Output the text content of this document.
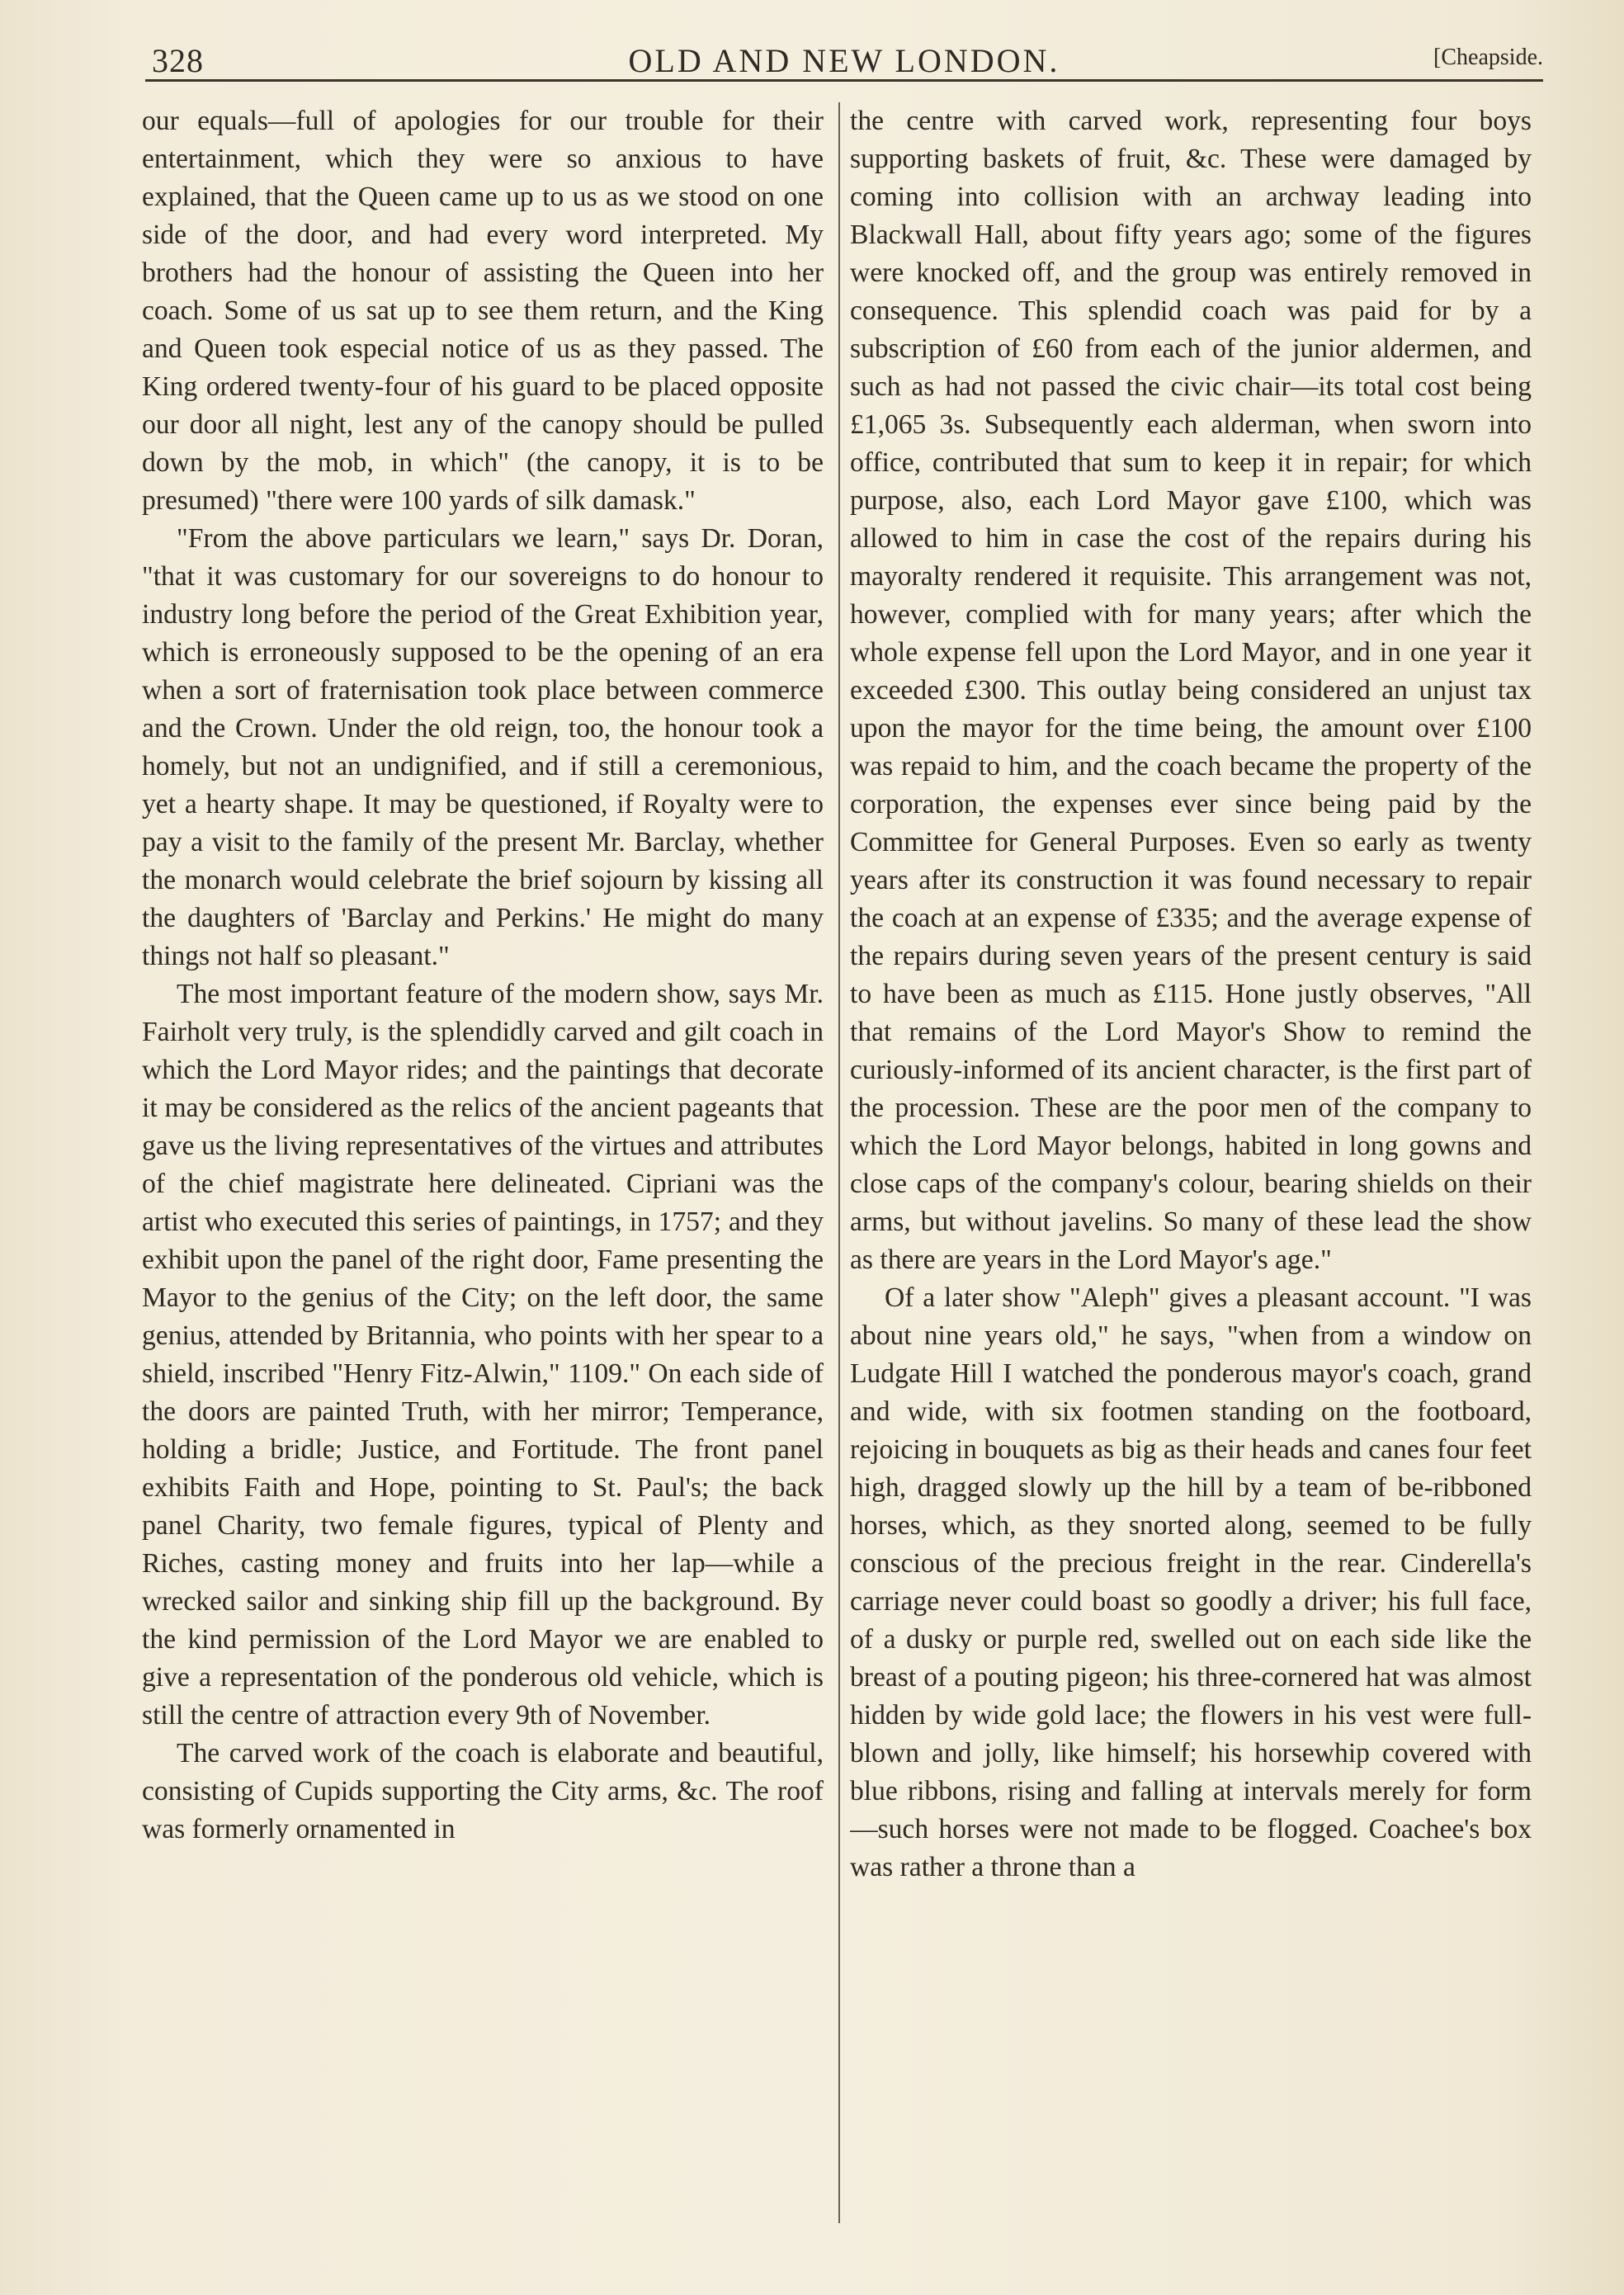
328	OLD AND NEW LONDON.	[Cheapside.

our equals—full of apologies for our trouble for their entertainment, which they were so anxious to have explained, that the Queen came up to us as we stood on one side of the door, and had every word interpreted. My brothers had the honour of assisting the Queen into her coach. Some of us sat up to see them return, and the King and Queen took especial notice of us as they passed. The King ordered twenty-four of his guard to be placed opposite our door all night, lest any of the canopy should be pulled down by the mob, in which" (the canopy, it is to be presumed) "there were 100 yards of silk damask."

"From the above particulars we learn," says Dr. Doran, "that it was customary for our sovereigns to do honour to industry long before the period of the Great Exhibition year, which is erroneously supposed to be the opening of an era when a sort of fraternisation took place between commerce and the Crown. Under the old reign, too, the honour took a homely, but not an undignified, and if still a ceremonious, yet a hearty shape. It may be questioned, if Royalty were to pay a visit to the family of the present Mr. Barclay, whether the monarch would celebrate the brief sojourn by kissing all the daughters of 'Barclay and Perkins.' He might do many things not half so pleasant."

The most important feature of the modern show, says Mr. Fairholt very truly, is the splendidly carved and gilt coach in which the Lord Mayor rides; and the paintings that decorate it may be considered as the relics of the ancient pageants that gave us the living representatives of the virtues and attributes of the chief magistrate here delineated. Cipriani was the artist who executed this series of paintings, in 1757; and they exhibit upon the panel of the right door, Fame presenting the Mayor to the genius of the City; on the left door, the same genius, attended by Britannia, who points with her spear to a shield, inscribed "Henry Fitz-Alwin," 1109." On each side of the doors are painted Truth, with her mirror; Temperance, holding a bridle; Justice, and Fortitude. The front panel exhibits Faith and Hope, pointing to St. Paul's; the back panel Charity, two female figures, typical of Plenty and Riches, casting money and fruits into her lap—while a wrecked sailor and sinking ship fill up the background. By the kind permission of the Lord Mayor we are enabled to give a representation of the ponderous old vehicle, which is still the centre of attraction every 9th of November.

The carved work of the coach is elaborate and beautiful, consisting of Cupids supporting the City arms, &c. The roof was formerly ornamented in

the centre with carved work, representing four boys supporting baskets of fruit, &c. These were damaged by coming into collision with an archway leading into Blackwall Hall, about fifty years ago; some of the figures were knocked off, and the group was entirely removed in consequence. This splendid coach was paid for by a subscription of £60 from each of the junior aldermen, and such as had not passed the civic chair—its total cost being £1,065 3s. Subsequently each alderman, when sworn into office, contributed that sum to keep it in repair; for which purpose, also, each Lord Mayor gave £100, which was allowed to him in case the cost of the repairs during his mayoralty rendered it requisite. This arrangement was not, however, complied with for many years; after which the whole expense fell upon the Lord Mayor, and in one year it exceeded £300. This outlay being considered an unjust tax upon the mayor for the time being, the amount over £100 was repaid to him, and the coach became the property of the corporation, the expenses ever since being paid by the Committee for General Purposes. Even so early as twenty years after its construction it was found necessary to repair the coach at an expense of £335; and the average expense of the repairs during seven years of the present century is said to have been as much as £115. Hone justly observes, "All that remains of the Lord Mayor's Show to remind the curiously-informed of its ancient character, is the first part of the procession. These are the poor men of the company to which the Lord Mayor belongs, habited in long gowns and close caps of the company's colour, bearing shields on their arms, but without javelins. So many of these lead the show as there are years in the Lord Mayor's age."

Of a later show "Aleph" gives a pleasant account. "I was about nine years old," he says, "when from a window on Ludgate Hill I watched the ponderous mayor's coach, grand and wide, with six footmen standing on the footboard, rejoicing in bouquets as big as their heads and canes four feet high, dragged slowly up the hill by a team of be-ribboned horses, which, as they snorted along, seemed to be fully conscious of the precious freight in the rear. Cinderella's carriage never could boast so goodly a driver; his full face, of a dusky or purple red, swelled out on each side like the breast of a pouting pigeon; his three-cornered hat was almost hidden by wide gold lace; the flowers in his vest were full-blown and jolly, like himself; his horsewhip covered with blue ribbons, rising and falling at intervals merely for form—such horses were not made to be flogged. Coachee's box was rather a throne than a
